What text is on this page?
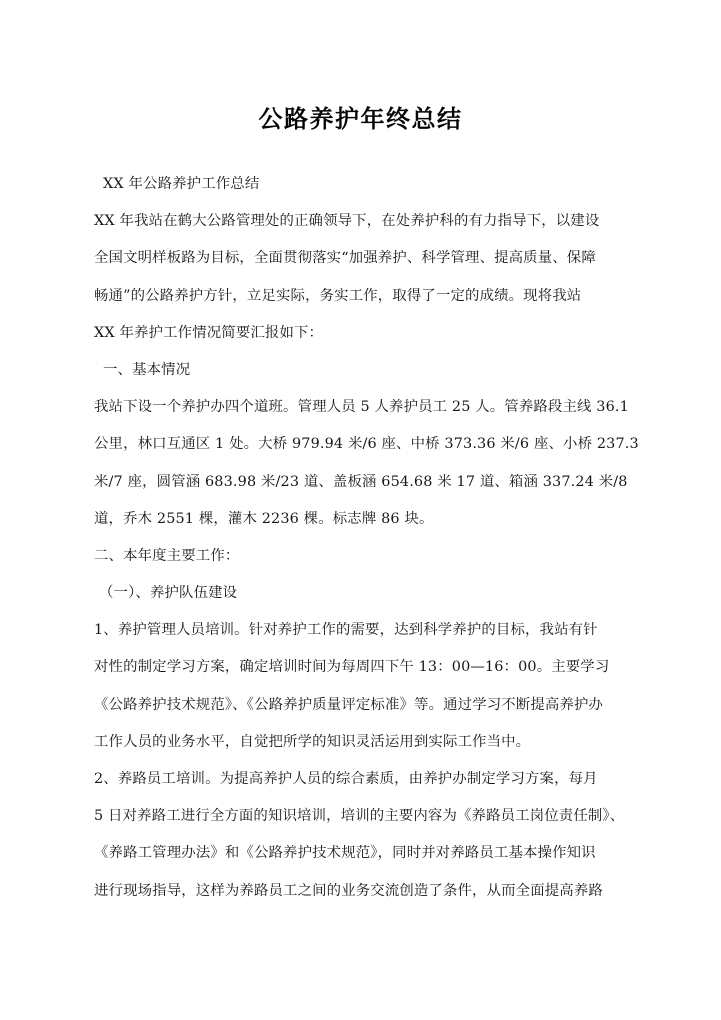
公路养护年终总结

XX 年公路养护工作总结

XX 年我站在鹤大公路管理处的正确领导下，在处养护科的有力指导下，以建设

全国文明样板路为目标，全面贯彻落实“加强养护、科学管理、提高质量、保障

畅通”的公路养护方针，立足实际，务实工作，取得了一定的成绩。现将我站

XX 年养护工作情况简要汇报如下：

一、基本情况

我站下设一个养护办四个道班。管理人员 5 人养护员工 25 人。管养路段主线 36.1

公里，林口互通区 1 处。大桥 979.94 米/6 座、中桥 373.36 米/6 座、小桥 237.3

米/7 座，圆管涵 683.98 米/23 道、盖板涵 654.68 米 17 道、箱涵 337.24 米/8

道，乔木 2551 棵，灌木 2236 棵。标志牌 86 块。

二、本年度主要工作：

（一）、养护队伍建设

1、养护管理人员培训。针对养护工作的需要，达到科学养护的目标，我站有针

对性的制定学习方案，确定培训时间为每周四下午 13：00—16：00。主要学习

《公路养护技术规范》、《公路养护质量评定标准》等。通过学习不断提高养护办

工作人员的业务水平，自觉把所学的知识灵活运用到实际工作当中。

2、养路员工培训。为提高养护人员的综合素质，由养护办制定学习方案，每月

5 日对养路工进行全方面的知识培训，培训的主要内容为《养路员工岗位责任制》、

《养路工管理办法》和《公路养护技术规范》，同时并对养路员工基本操作知识

进行现场指导，这样为养路员工之间的业务交流创造了条件，从而全面提高养路
